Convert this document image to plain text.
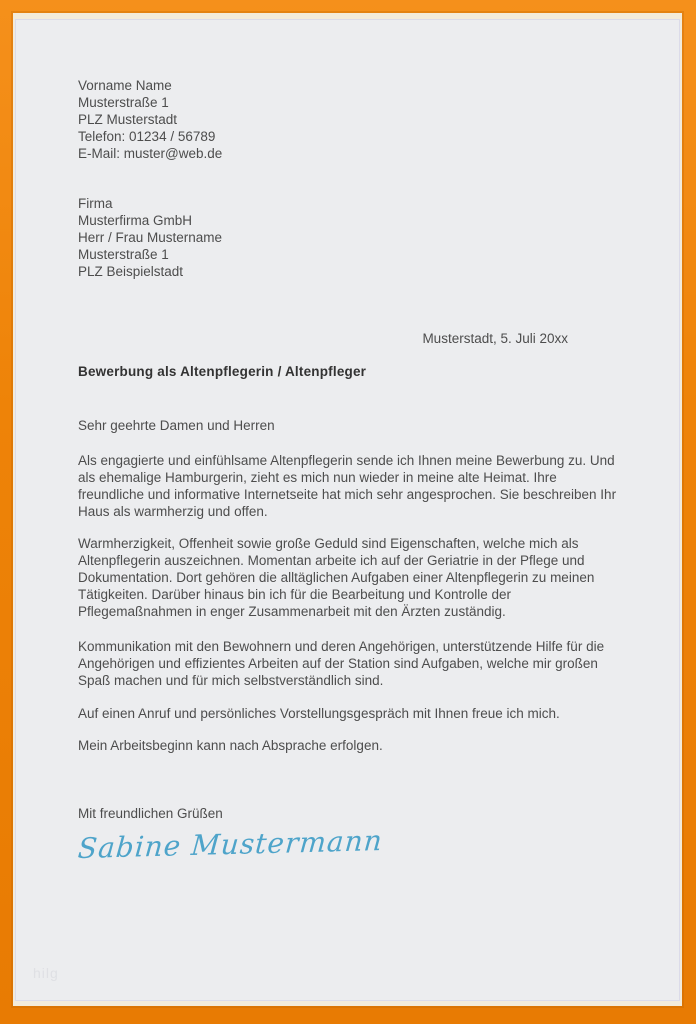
Vorname Name
Musterstraße 1
PLZ Musterstadt
Telefon: 01234 / 56789
E-Mail: muster@web.de
Firma
Musterfirma GmbH
Herr / Frau Mustername
Musterstraße 1
PLZ Beispielstadt
Musterstadt, 5. Juli 20xx
Bewerbung als Altenpflegerin / Altenpfleger
Sehr geehrte Damen und Herren
Als engagierte und einfühlsame Altenpflegerin sende ich Ihnen meine Bewerbung zu. Und als ehemalige Hamburgerin, zieht es mich nun wieder in meine alte Heimat. Ihre freundliche und informative Internetseite hat mich sehr angesprochen. Sie beschreiben Ihr Haus als warmherzig und offen.
Warmherzigkeit, Offenheit sowie große Geduld sind Eigenschaften, welche mich als Altenpflegerin auszeichnen. Momentan arbeite ich auf der Geriatrie in der Pflege und Dokumentation. Dort gehören die alltäglichen Aufgaben einer Altenpflegerin zu meinen Tätigkeiten. Darüber hinaus bin ich für die Bearbeitung und Kontrolle der Pflegemaßnahmen in enger Zusammenarbeit mit den Ärzten zuständig.
Kommunikation mit den Bewohnern und deren Angehörigen, unterstützende Hilfe für die Angehörigen und effizientes Arbeiten auf der Station sind Aufgaben, welche mir großen Spaß machen und für mich selbstverständlich sind.
Auf einen Anruf und persönliches Vorstellungsgespräch mit Ihnen freue ich mich.
Mein Arbeitsbeginn kann nach Absprache erfolgen.
Mit freundlichen Grüßen
Sabine Mustermann
hilg
